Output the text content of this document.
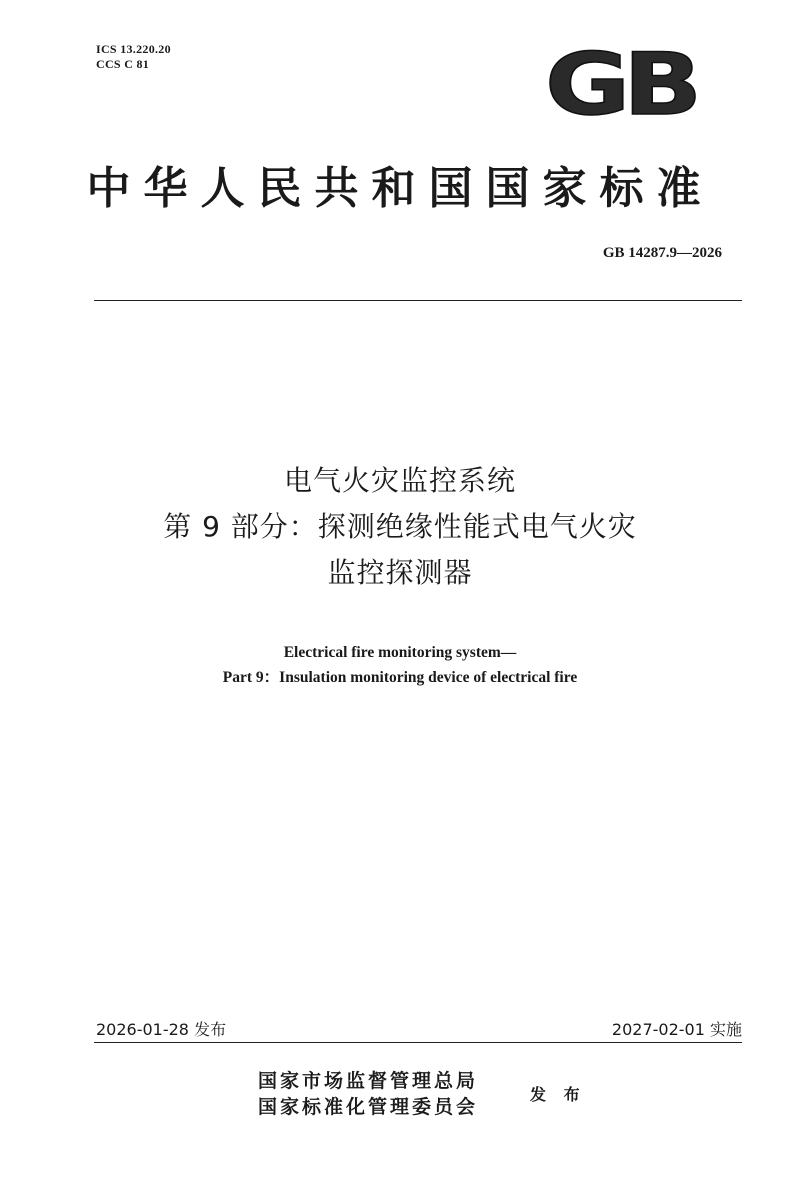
ICS 13.220.20
CCS C 81	GB
中华人民共和国国家标准
GB 14287.9—2026
电气火灾监控系统
第 9 部分：探测绝缘性能式电气火灾
监控探测器
Electrical fire monitoring system—
Part 9：Insulation monitoring device of electrical fire
2026-01-28 发布	2027-02-01 实施
国家市场监督管理总局
国家标准化管理委员会
发 布
